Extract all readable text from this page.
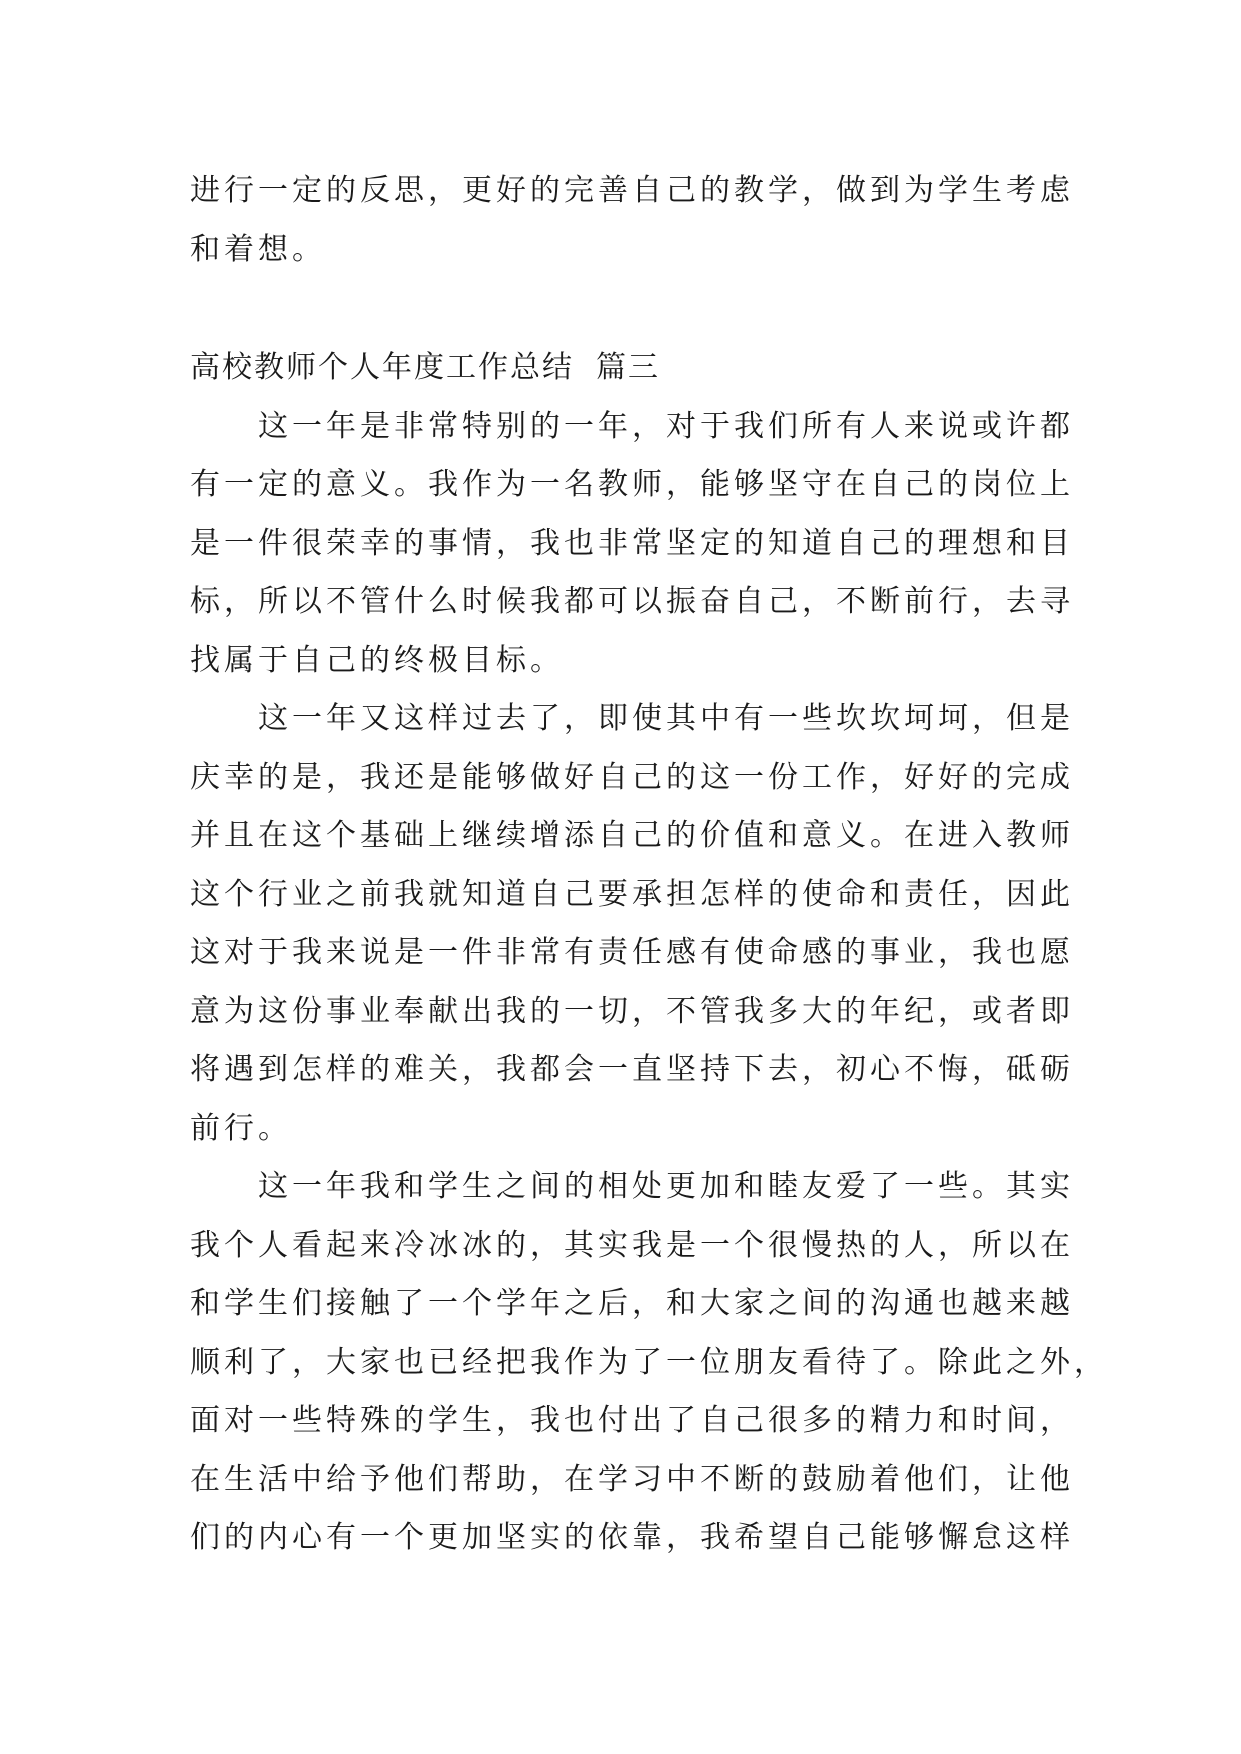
进行一定的反思，更好的完善自己的教学，做到为学生考虑
和着想。
高校教师个人年度工作总结 篇三
这一年是非常特别的一年，对于我们所有人来说或许都
有一定的意义。我作为一名教师，能够坚守在自己的岗位上
是一件很荣幸的事情，我也非常坚定的知道自己的理想和目
标，所以不管什么时候我都可以振奋自己，不断前行，去寻
找属于自己的终极目标。
这一年又这样过去了，即使其中有一些坎坎坷坷，但是
庆幸的是，我还是能够做好自己的这一份工作，好好的完成
并且在这个基础上继续增添自己的价值和意义。在进入教师
这个行业之前我就知道自己要承担怎样的使命和责任，因此
这对于我来说是一件非常有责任感有使命感的事业，我也愿
意为这份事业奉献出我的一切，不管我多大的年纪，或者即
将遇到怎样的难关，我都会一直坚持下去，初心不悔，砥砺
前行。
这一年我和学生之间的相处更加和睦友爱了一些。其实
我个人看起来冷冰冰的，其实我是一个很慢热的人，所以在
和学生们接触了一个学年之后，和大家之间的沟通也越来越
顺利了，大家也已经把我作为了一位朋友看待了。除此之外，
面对一些特殊的学生，我也付出了自己很多的精力和时间，
在生活中给予他们帮助，在学习中不断的鼓励着他们，让他
们的内心有一个更加坚实的依靠，我希望自己能够懈怠这样
